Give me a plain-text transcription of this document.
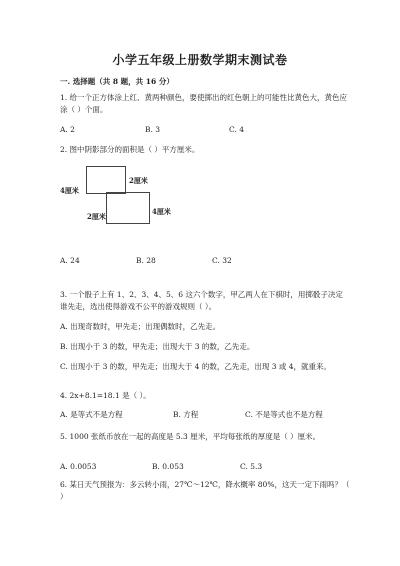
小学五年级上册数学期末测试卷
一. 选择题（共 8 题，共 16 分）
1. 给一个正方体涂上红、黄两种颜色，要使掷出的红色朝上的可能性比黄色大，黄色应涂（ ）个面。
A. 2	B. 3	C. 4
2. 图中阴影部分的面积是（ ）平方厘米。
4厘米
2厘米
2厘米
4厘米
A. 24	B. 28	C. 32
3. 一个骰子上有 1、2、3、4、5、6 这六个数字，甲乙两人在下棋时，用掷骰子决定谁先走，选出使得游戏不公平的游戏规则（ ）。
A. 出现奇数时，甲先走；出现偶数时，乙先走。
B. 出现小于 3 的数，甲先走；出现大于 3 的数，乙先走。
C. 出现小于 3 的数，甲先走；出现大于 4 的数，乙先走，出现 3 或 4，就重来。
4. 2x+8.1=18.1 是（ ）。
A. 是等式不是方程	B. 方程	C. 不是等式也不是方程
5. 1000 张纸币放在一起的高度是 5.3 厘米，平均每张纸的厚度是（ ）厘米。
A. 0.0053	B. 0.053	C. 5.3
6. 某日天气预报为：多云转小雨，27℃～12℃，降水概率 80%，这天一定下雨吗？（ ）
